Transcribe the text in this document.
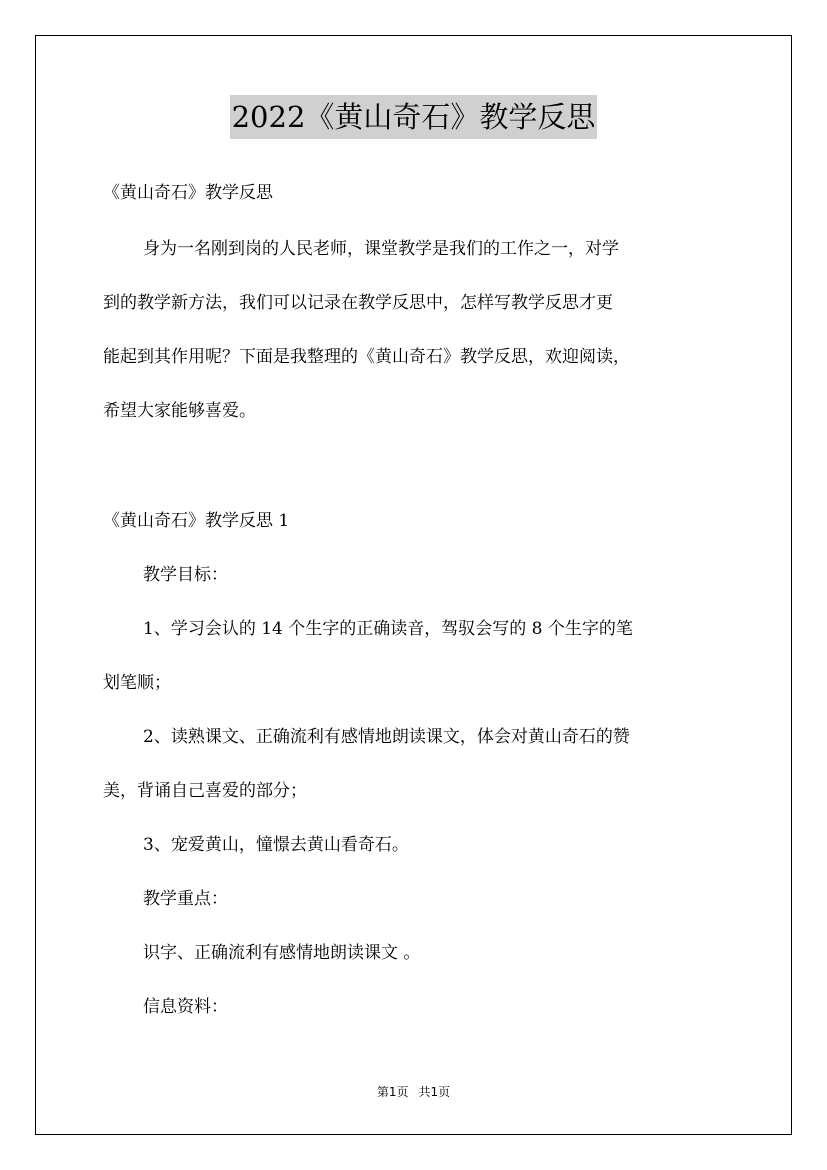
2022《黄山奇石》教学反思

《黄山奇石》教学反思

身为一名刚到岗的人民老师，课堂教学是我们的工作之一，对学

到的教学新方法，我们可以记录在教学反思中，怎样写教学反思才更

能起到其作用呢？下面是我整理的《黄山奇石》教学反思，欢迎阅读，

希望大家能够喜爱。

《黄山奇石》教学反思 1

教学目标：

1、学习会认的 14 个生字的正确读音，驾驭会写的 8 个生字的笔

划笔顺；

2、读熟课文、正确流利有感情地朗读课文，体会对黄山奇石的赞

美，背诵自己喜爱的部分；

3、宠爱黄山，憧憬去黄山看奇石。

教学重点：

识字、正确流利有感情地朗读课文 。

信息资料：

第1页 共1页
